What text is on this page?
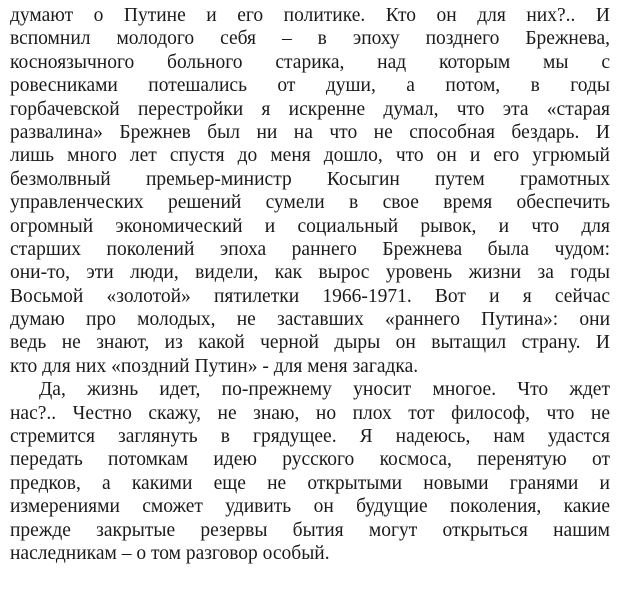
думают о Путине и его политике. Кто он для них?.. И
вспомнил молодого себя – в эпоху позднего Брежнева,
косноязычного больного старика, над которым мы с
ровесниками потешались от души, а потом, в годы
горбачевской перестройки я искренне думал, что эта «старая
развалина» Брежнев был ни на что не способная бездарь. И
лишь много лет спустя до меня дошло, что он и его угрюмый
безмолвный премьер-министр Косыгин путем грамотных
управленческих решений сумели в свое время обеспечить
огромный экономический и социальный рывок, и что для
старших поколений эпоха раннего Брежнева была чудом:
они-то, эти люди, видели, как вырос уровень жизни за годы
Восьмой «золотой» пятилетки 1966-1971. Вот и я сейчас
думаю про молодых, не заставших «раннего Путина»: они
ведь не знают, из какой черной дыры он вытащил страну. И
кто для них «поздний Путин» - для меня загадка.
Да, жизнь идет, по-прежнему уносит многое. Что ждет
нас?.. Честно скажу, не знаю, но плох тот философ, что не
стремится заглянуть в грядущее. Я надеюсь, нам удастся
передать потомкам идею русского космоса, перенятую от
предков, а какими еще не открытыми новыми гранями и
измерениями сможет удивить он будущие поколения, какие
прежде закрытые резервы бытия могут открыться нашим
наследникам – о том разговор особый.
